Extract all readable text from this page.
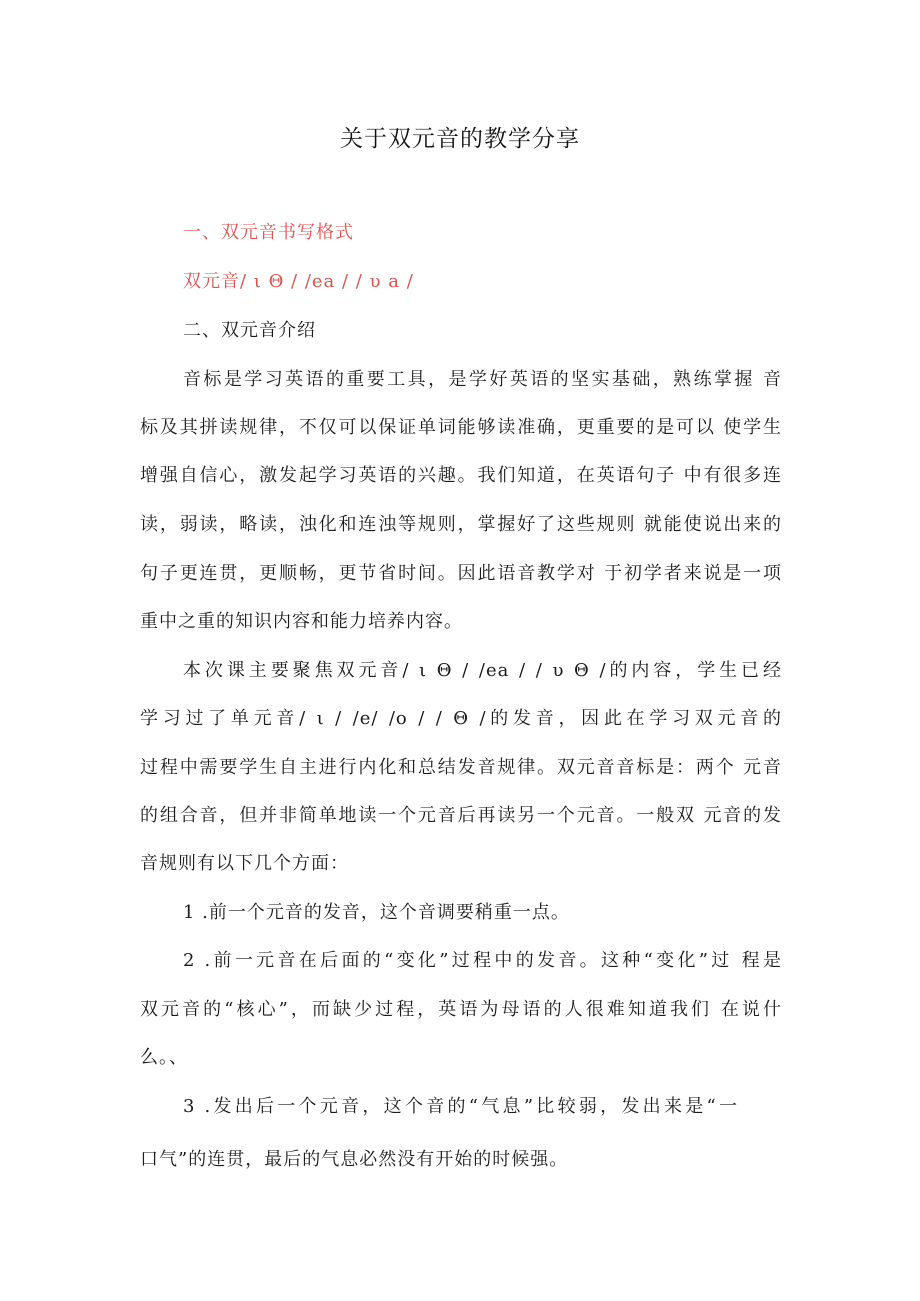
关于双元音的教学分享
一、双元音书写格式
双元音/ ι Θ / /ea / / υ a /
二、双元音介绍
音标是学习英语的重要工具，是学好英语的坚实基础，熟练掌握 音
标及其拼读规律，不仅可以保证单词能够读准确，更重要的是可以 使学生
增强自信心，激发起学习英语的兴趣。我们知道，在英语句子 中有很多连
读，弱读，略读，浊化和连浊等规则，掌握好了这些规则 就能使说出来的
句子更连贯，更顺畅，更节省时间。因此语音教学对 于初学者来说是一项
重中之重的知识内容和能力培养内容。
本次课主要聚焦双元音/ ι Θ / /ea / / υ Θ /的内容，学生已经
学习过了单元音/ ι / /e/ /o / / Θ /的发音，因此在学习双元音的
过程中需要学生自主进行内化和总结发音规律。双元音音标是：两个 元音
的组合音，但并非简单地读一个元音后再读另一个元音。一般双 元音的发
音规则有以下几个方面：
1 .前一个元音的发音，这个音调要稍重一点。
2 .前一元音在后面的“变化”过程中的发音。这种“变化”过 程是
双元音的“核心”，而缺少过程，英语为母语的人很难知道我们 在说什
么。、
3 .发出后一个元音，这个音的“气息”比较弱，发出来是“一
口气”的连贯，最后的气息必然没有开始的时候强。
